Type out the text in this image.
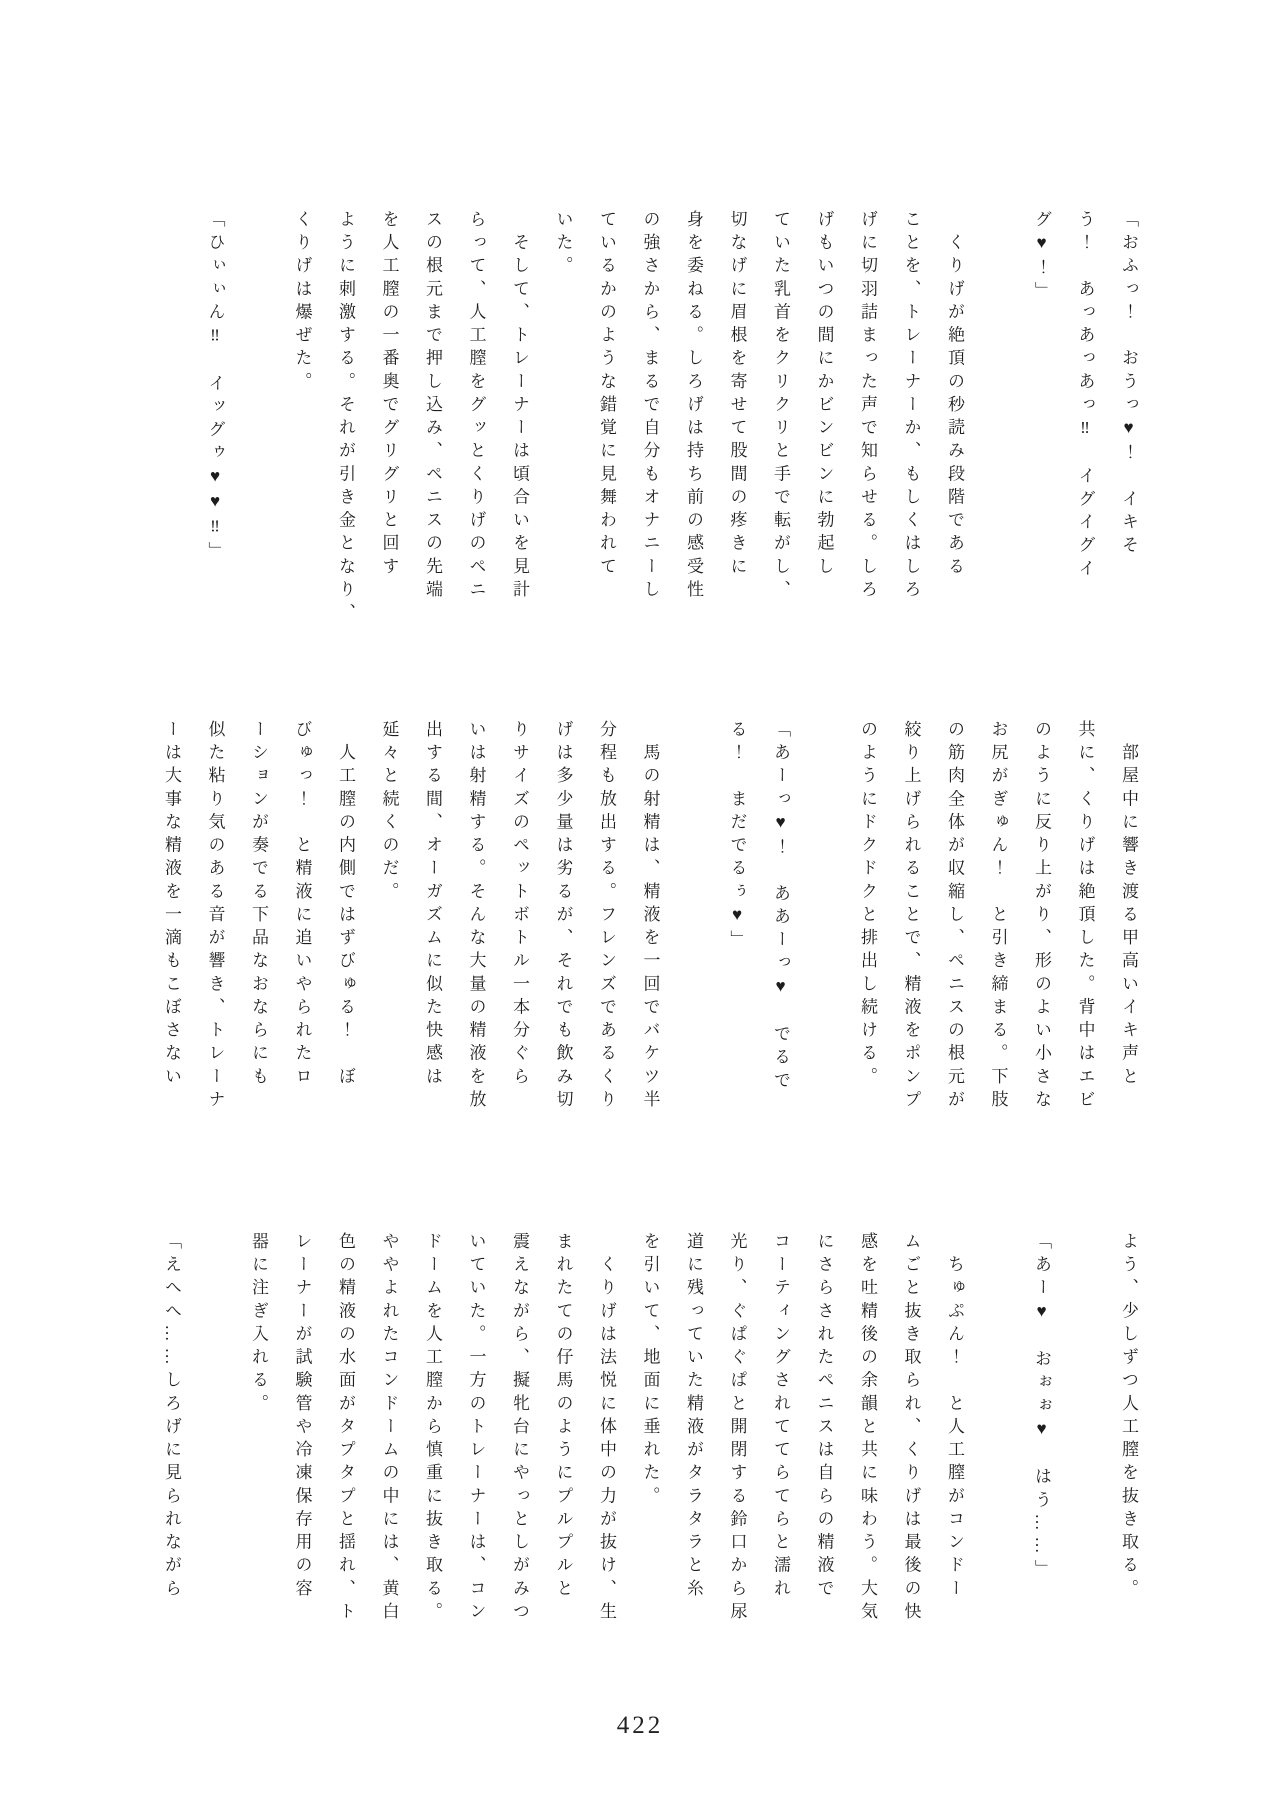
「おふっ！　おうっ♥！　イキそ

う！　あっあっあっ‼　イグイグイ

グ♥！」

　くりげが絶頂の秒読み段階である

ことを、トレーナーか、もしくはしろ

げに切羽詰まった声で知らせる。しろ

げもいつの間にかビンビンに勃起し

ていた乳首をクリクリと手で転がし、

切なげに眉根を寄せて股間の疼きに

身を委ねる。しろげは持ち前の感受性

の強さから、まるで自分もオナニーし

ているかのような錯覚に見舞われて

いた。

　そして、トレーナーは頃合いを見計

らって、人工膣をグッとくりげのペニ

スの根元まで押し込み、ペニスの先端

を人工膣の一番奥でグリグリと回す

ように刺激する。それが引き金となり、

くりげは爆ぜた。

「ひぃぃん‼　イッグゥ♥♥‼」

　部屋中に響き渡る甲高いイキ声と

共に、くりげは絶頂した。背中はエビ

のように反り上がり、形のよい小さな

お尻がぎゅん！　と引き締まる。下肢

の筋肉全体が収縮し、ペニスの根元が

絞り上げられることで、精液をポンプ

のようにドクドクと排出し続ける。

「あーっ♥！　ああーっ♥　でるで

る！　まだでるぅ♥」

　馬の射精は、精液を一回でバケツ半

分程も放出する。フレンズであるくり

げは多少量は劣るが、それでも飲み切

りサイズのペットボトル一本分ぐら

いは射精する。そんな大量の精液を放

出する間、オーガズムに似た快感は

延々と続くのだ。

　人工膣の内側ではずびゅる！　ぼ

びゅっ！　と精液に追いやられたロ

ーションが奏でる下品なおならにも

似た粘り気のある音が響き、トレーナ

ーは大事な精液を一滴もこぼさない

よう、少しずつ人工膣を抜き取る。

「あー♥　おぉぉ♥　はう……」

　ちゅぷん！　と人工膣がコンドー

ムごと抜き取られ、くりげは最後の快

感を吐精後の余韻と共に味わう。大気

にさらされたペニスは自らの精液で

コーティングされててらてらと濡れ

光り、ぐぱぐぱと開閉する鈴口から尿

道に残っていた精液がタラタラと糸

を引いて、地面に垂れた。

　くりげは法悦に体中の力が抜け、生

まれたての仔馬のようにプルプルと

震えながら、擬牝台にやっとしがみつ

いていた。一方のトレーナーは、コン

ドームを人工膣から慎重に抜き取る。

ややよれたコンドームの中には、黄白

色の精液の水面がタプタプと揺れ、ト

レーナーが試験管や冷凍保存用の容

器に注ぎ入れる。

「えへへ……しろげに見られながら

422
